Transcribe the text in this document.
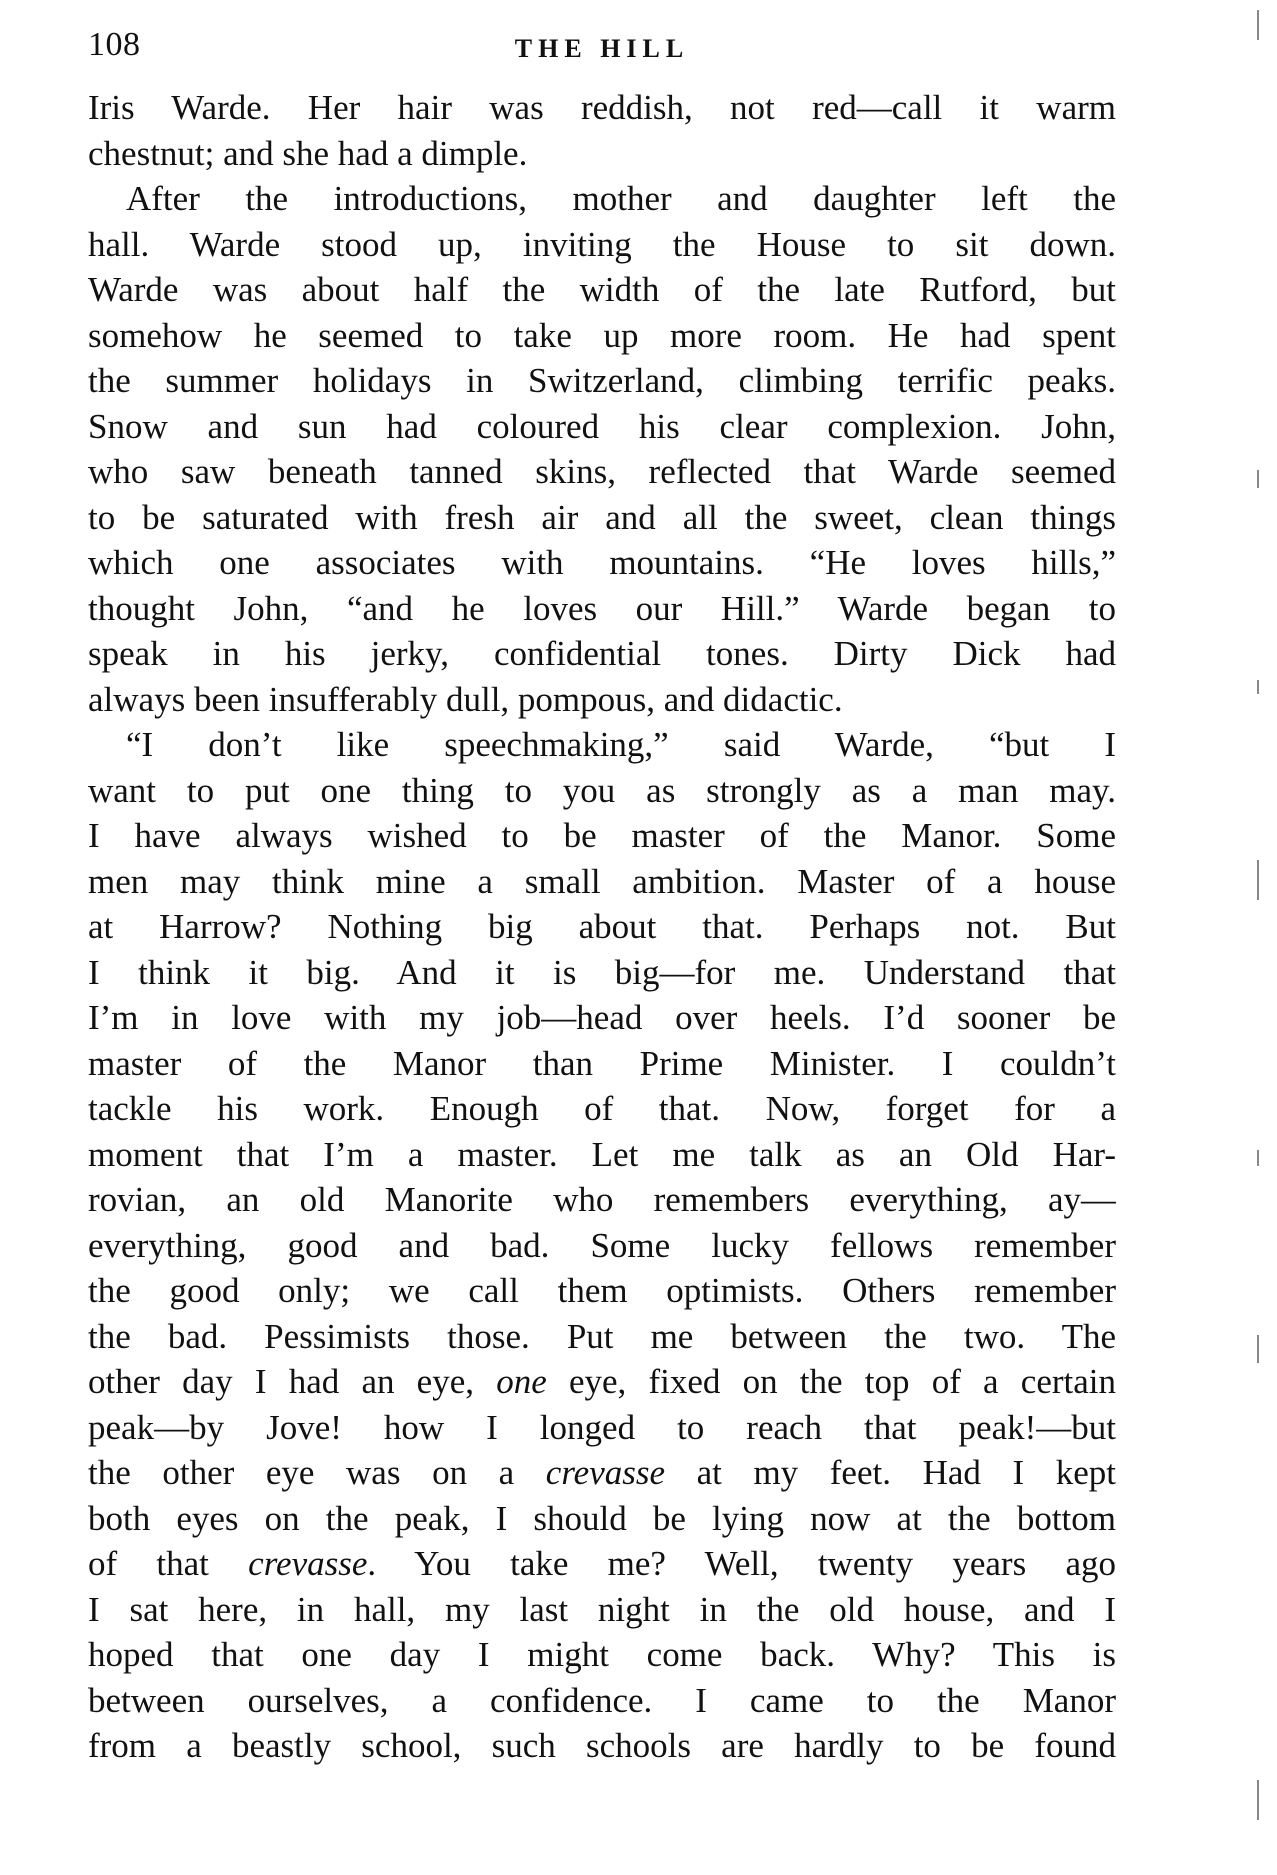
108	THE HILL
Iris Warde. Her hair was reddish, not red—call it warm
chestnut; and she had a dimple.
After the introductions, mother and daughter left the
hall. Warde stood up, inviting the House to sit down.
Warde was about half the width of the late Rutford, but
somehow he seemed to take up more room. He had spent
the summer holidays in Switzerland, climbing terrific peaks.
Snow and sun had coloured his clear complexion. John,
who saw beneath tanned skins, reflected that Warde seemed
to be saturated with fresh air and all the sweet, clean things
which one associates with mountains. “He loves hills,”
thought John, “and he loves our Hill.” Warde began to
speak in his jerky, confidential tones. Dirty Dick had
always been insufferably dull, pompous, and didactic.
“I don’t like speechmaking,” said Warde, “but I
want to put one thing to you as strongly as a man may.
I have always wished to be master of the Manor. Some
men may think mine a small ambition. Master of a house
at Harrow? Nothing big about that. Perhaps not. But
I think it big. And it is big—for me. Understand that
I’m in love with my job—head over heels. I’d sooner be
master of the Manor than Prime Minister. I couldn’t
tackle his work. Enough of that. Now, forget for a
moment that I’m a master. Let me talk as an Old Har-
rovian, an old Manorite who remembers everything, ay—
everything, good and bad. Some lucky fellows remember
the good only; we call them optimists. Others remember
the bad. Pessimists those. Put me between the two. The
other day I had an eye, one eye, fixed on the top of a certain
peak—by Jove! how I longed to reach that peak!—but
the other eye was on a crevasse at my feet. Had I kept
both eyes on the peak, I should be lying now at the bottom
of that crevasse. You take me? Well, twenty years ago
I sat here, in hall, my last night in the old house, and I
hoped that one day I might come back. Why? This is
between ourselves, a confidence. I came to the Manor
from a beastly school, such schools are hardly to be found
